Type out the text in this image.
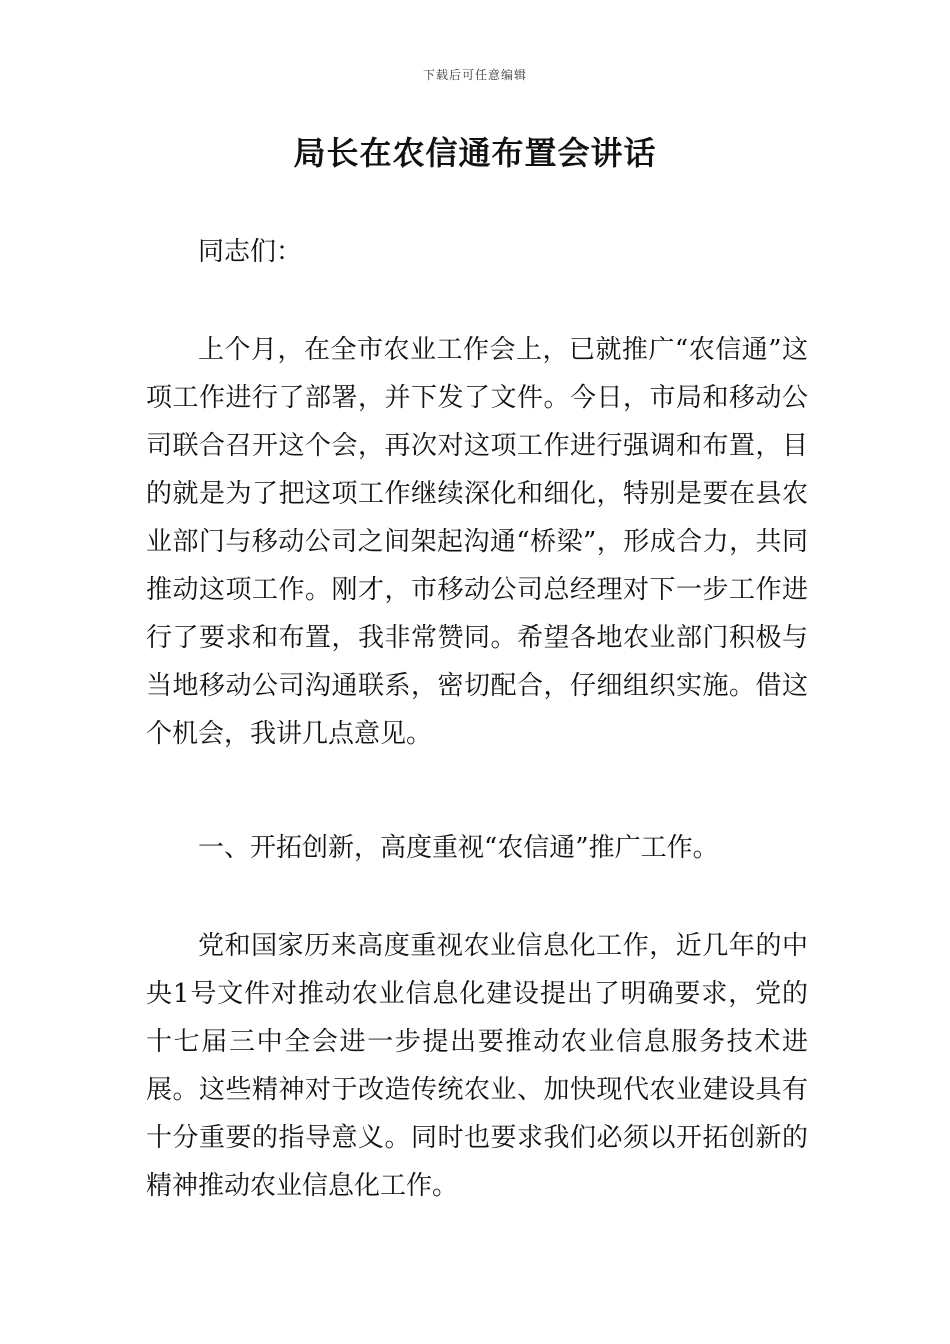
下载后可任意编辑
局长在农信通布置会讲话

同志们：

上个月，在全市农业工作会上，已就推广“农信通”这项工作进行了部署，并下发了文件。今日，市局和移动公司联合召开这个会，再次对这项工作进行强调和布置，目的就是为了把这项工作继续深化和细化，特别是要在县农业部门与移动公司之间架起沟通“桥梁”，形成合力，共同推动这项工作。刚才，市移动公司总经理对下一步工作进行了要求和布置，我非常赞同。希望各地农业部门积极与当地移动公司沟通联系，密切配合，仔细组织实施。借这个机会，我讲几点意见。

一、开拓创新，高度重视“农信通”推广工作。

党和国家历来高度重视农业信息化工作，近几年的中央1号文件对推动农业信息化建设提出了明确要求，党的十七届三中全会进一步提出要推动农业信息服务技术进展。这些精神对于改造传统农业、加快现代农业建设具有十分重要的指导意义。同时也要求我们必须以开拓创新的精神推动农业信息化工作。
